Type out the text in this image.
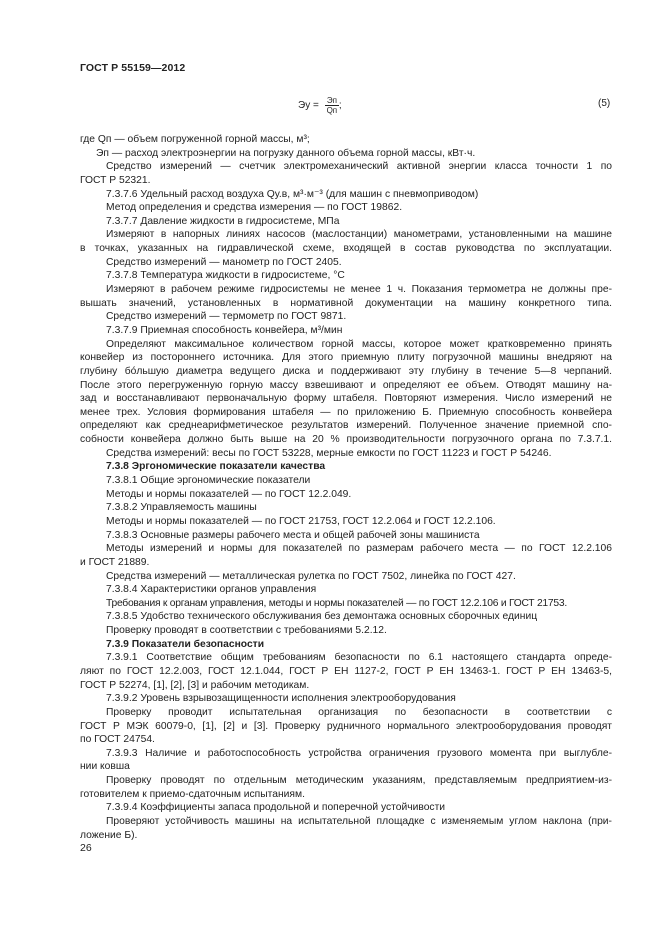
ГОСТ Р 55159—2012
Эу = $\frac{Эп}{Qп}$ ;	(5)
где Qп — объем погруженной горной массы, м³;
Эп — расход электроэнергии на погрузку данного объема горной массы, кВт·ч.
Средство измерений — счетчик электромеханический активной энергии класса точности 1 по
ГОСТ Р 52321.
7.3.7.6 Удельный расход воздуха Qу.в, м³·м⁻³ (для машин с пневмоприводом)
Метод определения и средства измерения — по ГОСТ 19862.
7.3.7.7 Давление жидкости в гидросистеме, МПа
Измеряют в напорных линиях насосов (маслостанции) манометрами, установленными на машине
в точках, указанных на гидравлической схеме, входящей в состав руководства по эксплуатации.
Средство измерений — манометр по ГОСТ 2405.
7.3.7.8 Температура жидкости в гидросистеме, °С
Измеряют в рабочем режиме гидросистемы не менее 1 ч. Показания термометра не должны пре-
вышать значений, установленных в нормативной документации на машину конкретного типа.
Средство измерений — термометр по ГОСТ 9871.
7.3.7.9 Приемная способность конвейера, м³/мин
Определяют максимальное количеством горной массы, которое может кратковременно принять
конвейер из постороннего источника. Для этого приемную плиту погрузочной машины внедряют на
глубину бо́льшую диаметра ведущего диска и поддерживают эту глубину в течение 5—8 черпаний.
После этого перегруженную горную массу взвешивают и определяют ее объем. Отводят машину на-
зад и восстанавливают первоначальную форму штабеля. Повторяют измерения. Число измерений не
менее трех. Условия формирования штабеля — по приложению Б. Приемную способность конвейера
определяют как среднеарифметическое результатов измерений. Полученное значение приемной спо-
собности конвейера должно быть выше на 20 % производительности погрузочного органа по 7.3.7.1.
Средства измерений: весы по ГОСТ 53228, мерные емкости по ГОСТ 11223 и ГОСТ Р 54246.
7.3.8 Эргономические показатели качества
7.3.8.1 Общие эргономические показатели
Методы и нормы показателей — по ГОСТ 12.2.049.
7.3.8.2 Управляемость машины
Методы и нормы показателей — по ГОСТ 21753, ГОСТ 12.2.064 и ГОСТ 12.2.106.
7.3.8.3 Основные размеры рабочего места и общей рабочей зоны машиниста
Методы измерений и нормы для показателей по размерам рабочего места — по ГОСТ 12.2.106
и ГОСТ 21889.
Средства измерений — металлическая рулетка по ГОСТ 7502, линейка по ГОСТ 427.
7.3.8.4 Характеристики органов управления
Требования к органам управления, методы и нормы показателей — по ГОСТ 12.2.106 и ГОСТ 21753.
7.3.8.5 Удобство технического обслуживания без демонтажа основных сборочных единиц
Проверку проводят в соответствии с требованиями 5.2.12.
7.3.9 Показатели безопасности
7.3.9.1 Соответствие общим требованиям безопасности по 6.1 настоящего стандарта опреде-
ляют по ГОСТ 12.2.003, ГОСТ 12.1.044, ГОСТ Р ЕН 1127-2, ГОСТ Р ЕН 13463-1. ГОСТ Р ЕН 13463-5,
ГОСТ Р 52274, [1], [2], [3] и рабочим методикам.
7.3.9.2 Уровень взрывозащищенности исполнения электрооборудования
Проверку проводит испытательная организация по безопасности в соответствии с
ГОСТ Р МЭК 60079-0, [1], [2] и [3]. Проверку рудничного нормального электрооборудования проводят
по ГОСТ 24754.
7.3.9.3 Наличие и работоспособность устройства ограничения грузового момента при выглубле-
нии ковша
Проверку проводят по отдельным методическим указаниям, представляемым предприятием-из-
готовителем к приемо-сдаточным испытаниям.
7.3.9.4 Коэффициенты запаса продольной и поперечной устойчивости
Проверяют устойчивость машины на испытательной площадке с изменяемым углом наклона (при-
ложение Б).
26
